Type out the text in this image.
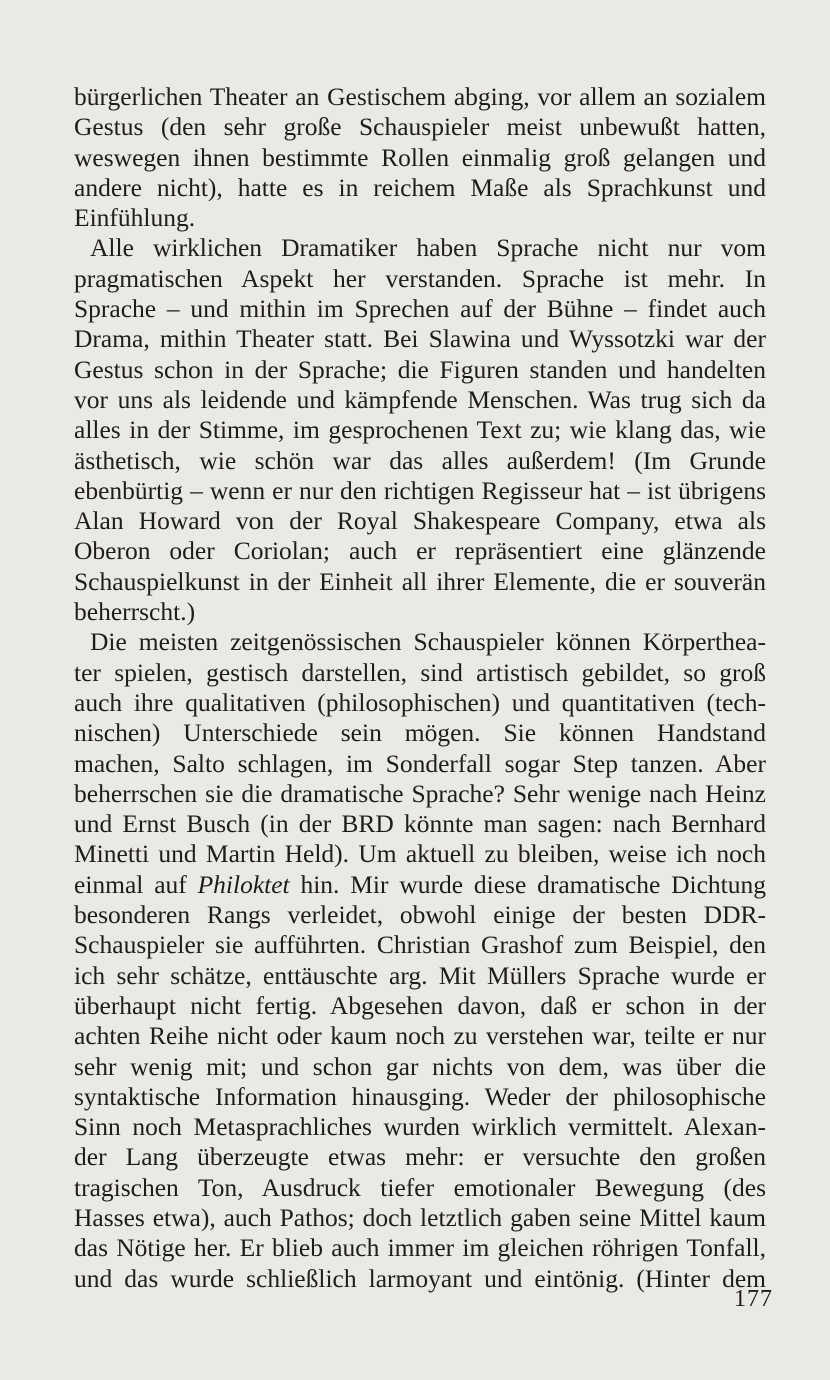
bürgerlichen Theater an Gestischem abging, vor allem an sozialem
Gestus (den sehr große Schauspieler meist unbewußt hatten,
weswegen ihnen bestimmte Rollen einmalig groß gelangen und
andere nicht), hatte es in reichem Maße als Sprachkunst und
Einfühlung.

Alle wirklichen Dramatiker haben Sprache nicht nur vom
pragmatischen Aspekt her verstanden. Sprache ist mehr. In
Sprache – und mithin im Sprechen auf der Bühne – findet auch
Drama, mithin Theater statt. Bei Slawina und Wyssotzki war der
Gestus schon in der Sprache; die Figuren standen und handelten
vor uns als leidende und kämpfende Menschen. Was trug sich da
alles in der Stimme, im gesprochenen Text zu; wie klang das, wie
ästhetisch, wie schön war das alles außerdem! (Im Grunde
ebenbürtig – wenn er nur den richtigen Regisseur hat – ist übrigens
Alan Howard von der Royal Shakespeare Company, etwa als
Oberon oder Coriolan; auch er repräsentiert eine glänzende
Schauspielkunst in der Einheit all ihrer Elemente, die er souverän
beherrscht.)

Die meisten zeitgenössischen Schauspieler können Körperthea-
ter spielen, gestisch darstellen, sind artistisch gebildet, so groß
auch ihre qualitativen (philosophischen) und quantitativen (tech-
nischen) Unterschiede sein mögen. Sie können Handstand
machen, Salto schlagen, im Sonderfall sogar Step tanzen. Aber
beherrschen sie die dramatische Sprache? Sehr wenige nach Heinz
und Ernst Busch (in der BRD könnte man sagen: nach Bernhard
Minetti und Martin Held). Um aktuell zu bleiben, weise ich noch
einmal auf Philoktet hin. Mir wurde diese dramatische Dichtung
besonderen Rangs verleidet, obwohl einige der besten DDR-
Schauspieler sie aufführten. Christian Grashof zum Beispiel, den
ich sehr schätze, enttäuschte arg. Mit Müllers Sprache wurde er
überhaupt nicht fertig. Abgesehen davon, daß er schon in der
achten Reihe nicht oder kaum noch zu verstehen war, teilte er nur
sehr wenig mit; und schon gar nichts von dem, was über die
syntaktische Information hinausging. Weder der philosophische
Sinn noch Metasprachliches wurden wirklich vermittelt. Alexan-
der Lang überzeugte etwas mehr: er versuchte den großen
tragischen Ton, Ausdruck tiefer emotionaler Bewegung (des
Hasses etwa), auch Pathos; doch letztlich gaben seine Mittel kaum
das Nötige her. Er blieb auch immer im gleichen röhrigen Tonfall,
und das wurde schließlich larmoyant und eintönig. (Hinter dem

177
